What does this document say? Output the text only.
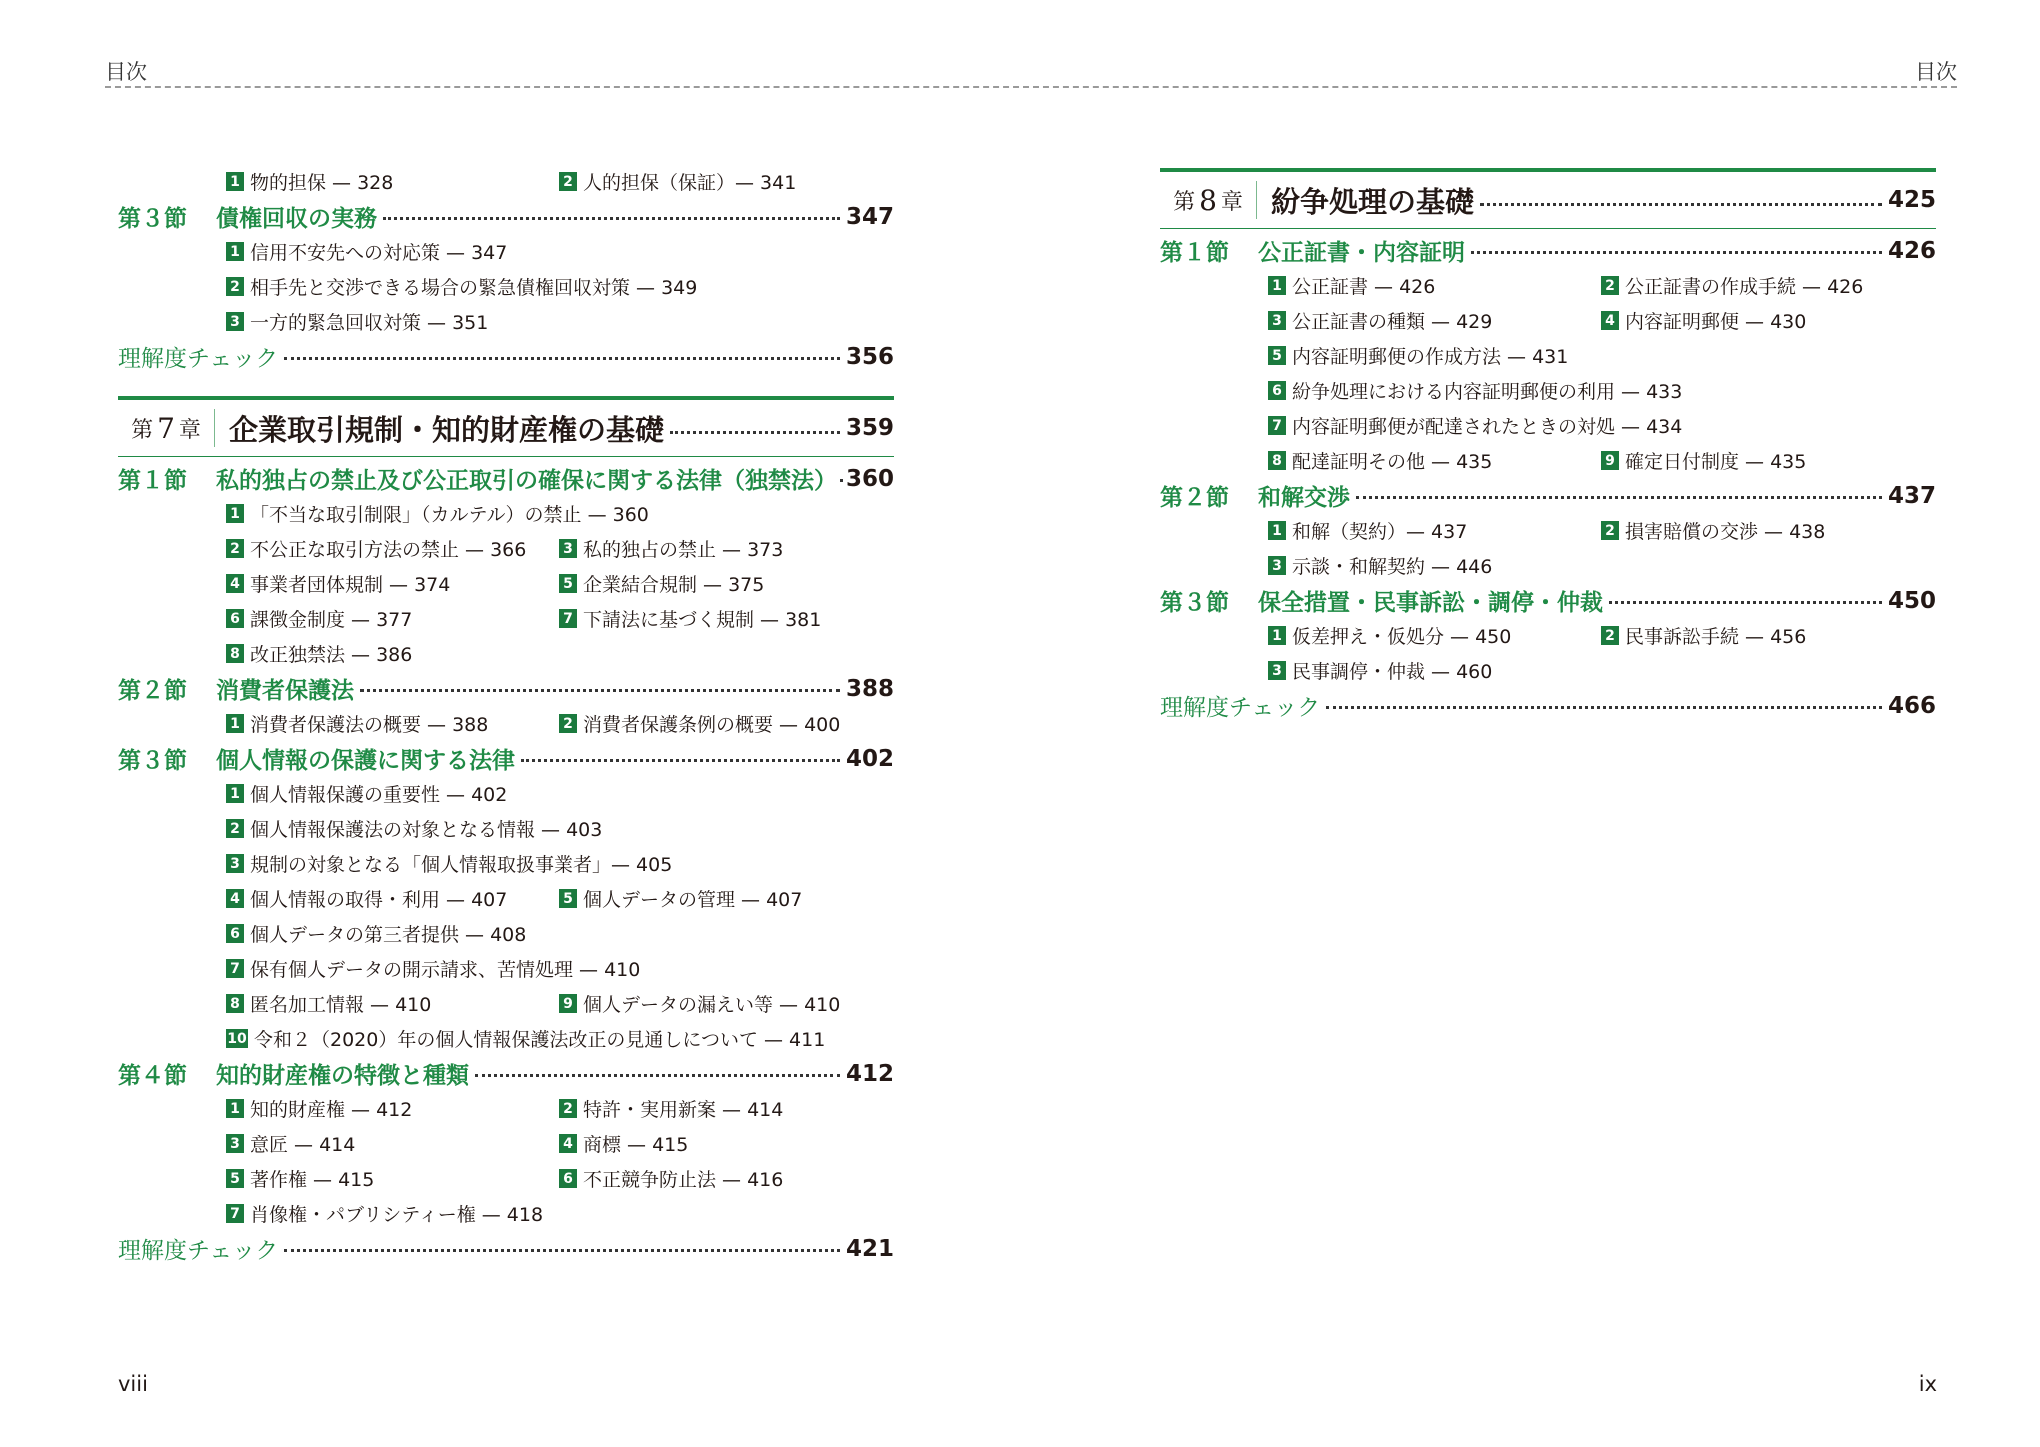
目次	目次
1 物的担保 — 328	2 人的担保（保証）— 341
第３節	債権回収の実務	347
1 信用不安先への対応策 — 347
2 相手先と交渉できる場合の緊急債権回収対策 — 349
3 一方的緊急回収対策 — 351
理解度チェック	356
第 7 章 企業取引規制・知的財産権の基礎	359
第１節	私的独占の禁止及び公正取引の確保に関する法律（独禁法） 360
1 「不当な取引制限」（カルテル）の禁止 — 360
2 不公正な取引方法の禁止 — 366	3 私的独占の禁止 — 373
4 事業者団体規制 — 374	5 企業結合規制 — 375
6 課徴金制度 — 377	7 下請法に基づく規制 — 381
8 改正独禁法 — 386
第２節	消費者保護法	388
1 消費者保護法の概要 — 388	2 消費者保護条例の概要 — 400
第３節	個人情報の保護に関する法律	402
1 個人情報保護の重要性 — 402
2 個人情報保護法の対象となる情報 — 403
3 規制の対象となる「個人情報取扱事業者」— 405
4 個人情報の取得・利用 — 407	5 個人データの管理 — 407
6 個人データの第三者提供 — 408
7 保有個人データの開示請求、苦情処理 — 410
8 匿名加工情報 — 410	9 個人データの漏えい等 — 410
10 令和２（2020）年の個人情報保護法改正の見通しについて — 411
第４節	知的財産権の特徴と種類	412
1 知的財産権 — 412	2 特許・実用新案 — 414
3 意匠 — 414	4 商標 — 415
5 著作権 — 415	6 不正競争防止法 — 416
7 肖像権・パブリシティー権 — 418
理解度チェック	421
第 8 章 紛争処理の基礎	425
第１節	公正証書・内容証明	426
1 公正証書 — 426	2 公正証書の作成手続 — 426
3 公正証書の種類 — 429	4 内容証明郵便 — 430
5 内容証明郵便の作成方法 — 431
6 紛争処理における内容証明郵便の利用 — 433
7 内容証明郵便が配達されたときの対処 — 434
8 配達証明その他 — 435	9 確定日付制度 — 435
第２節	和解交渉	437
1 和解（契約）— 437	2 損害賠償の交渉 — 438
3 示談・和解契約 — 446
第３節	保全措置・民事訴訟・調停・仲裁	450
1 仮差押え・仮処分 — 450	2 民事訴訟手続 — 456
3 民事調停・仲裁 — 460
理解度チェック	466
viii	ix
